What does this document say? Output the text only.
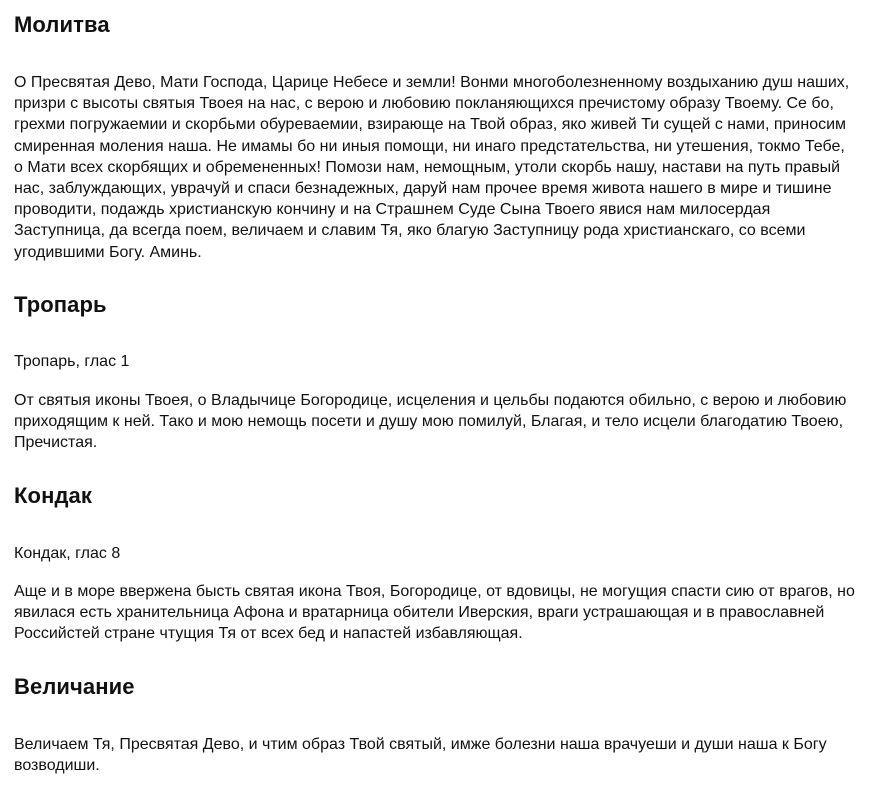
Молитва

О Пресвятая Дево, Мати Господа, Царице Небесе и земли! Вонми многоболезненному воздыханию душ наших, призри с высоты святыя Твоея на нас, с верою и любовию покланяющихся пречистому образу Твоему. Се бо, грехми погружаемии и скорбьми обуреваемии, взирающе на Твой образ, яко живей Ти сущей с нами, приносим смиренная моления наша. Не имамы бо ни иныя помощи, ни инаго предстательства, ни утешения, токмо Тебе, о Мати всех скорбящих и обремененных! Помози нам, немощным, утоли скорбь нашу, настави на путь правый нас, заблуждающих, уврачуй и спаси безнадежных, даруй нам прочее время живота нашего в мире и тишине проводити, подаждь христианскую кончину и на Страшнем Суде Сына Твоего явися нам милосердая Заступница, да всегда поем, величаем и славим Тя, яко благую Заступницу рода христианскаго, со всеми угодившими Богу. Аминь.

Тропарь

Тропарь, глас 1

От святыя иконы Твоея, о Владычице Богородице, исцеления и цельбы подаются обильно, с верою и любовию приходящим к ней. Тако и мою немощь посети и душу мою помилуй, Благая, и тело исцели благодатию Твоею, Пречистая.

Кондак

Кондак, глас 8

Аще и в море ввержена бысть святая икона Твоя, Богородице, от вдовицы, не могущия спасти сию от врагов, но явилася есть хранительница Афона и вратарница обители Иверския, враги устрашающая и в православней Российстей стране чтущия Тя от всех бед и напастей избавляющая.

Величание

Величаем Тя, Пресвятая Дево, и чтим образ Твой святый, имже болезни наша врачуеши и души наша к Богу возводиши.
